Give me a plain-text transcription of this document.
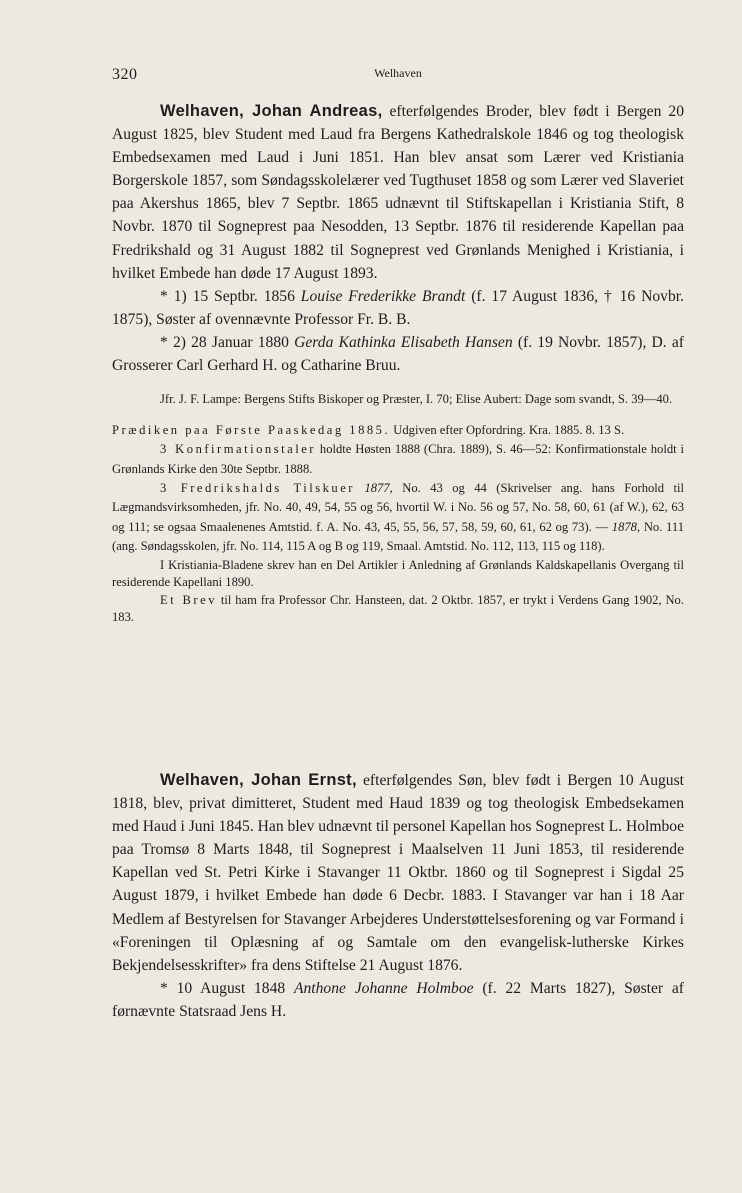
320	Welhaven

Welhaven, Johan Andreas, efterfølgendes Broder, blev født i Bergen 20 August 1825, blev Student med Laud fra Bergens Kathedralskole 1846 og tog theologisk Embedsexamen med Laud i Juni 1851. Han blev ansat som Lærer ved Kristiania Borgerskole 1857, som Søndagsskolelærer ved Tugthuset 1858 og som Lærer ved Slaveriet paa Akershus 1865, blev 7 Septbr. 1865 udnævnt til Stiftskapellan i Kristiania Stift, 8 Novbr. 1870 til Sogneprest paa Nesodden, 13 Septbr. 1876 til residerende Kapellan paa Fredrikshald og 31 August 1882 til Sogneprest ved Grønlands Menighed i Kristiania, i hvilket Embede han døde 17 August 1893.

* 1) 15 Septbr. 1856 Louise Frederikke Brandt (f. 17 August 1836, † 16 Novbr. 1875), Søster af ovennævnte Professor Fr. B. B.

* 2) 28 Januar 1880 Gerda Kathinka Elisabeth Hansen (f. 19 Novbr. 1857), D. af Grosserer Carl Gerhard H. og Catharine Bruu.

Jfr. J. F. Lampe: Bergens Stifts Biskoper og Præster, I. 70; Elise Aubert: Dage som svandt, S. 39—40.

Prædiken paa Første Paaskedag 1885. Udgiven efter Opfordring. Kra. 1885. 8. 13 S.

3 Konfirmationstaler holdte Høsten 1888 (Chra. 1889), S. 46—52: Konfirmationstale holdt i Grønlands Kirke den 30te Septbr. 1888.

3 Fredrikshalds Tilskuer 1877, No. 43 og 44 (Skrivelser ang. hans Forhold til Lægmandsvirksomheden, jfr. No. 40, 49, 54, 55 og 56, hvortil W. i No. 56 og 57, No. 58, 60, 61 (af W.), 62, 63 og 111; se ogsaa Smaalenenes Amtstid. f. A. No. 43, 45, 55, 56, 57, 58, 59, 60, 61, 62 og 73). — 1878, No. 111 (ang. Søndagsskolen, jfr. No. 114, 115 A og B og 119, Smaal. Amtstid. No. 112, 113, 115 og 118).

I Kristiania-Bladene skrev han en Del Artikler i Anledning af Grønlands Kaldskapellanis Overgang til residerende Kapellani 1890.

Et Brev til ham fra Professor Chr. Hansteen, dat. 2 Oktbr. 1857, er trykt i Verdens Gang 1902, No. 183.

Welhaven, Johan Ernst, efterfølgendes Søn, blev født i Bergen 10 August 1818, blev, privat dimitteret, Student med Haud 1839 og tog theologisk Embedsekamen med Haud i Juni 1845. Han blev udnævnt til personel Kapellan hos Sogneprest L. Holmboe paa Tromsø 8 Marts 1848, til Sogneprest i Maalselven 11 Juni 1853, til residerende Kapellan ved St. Petri Kirke i Stavanger 11 Oktbr. 1860 og til Sogneprest i Sigdal 25 August 1879, i hvilket Embede han døde 6 Decbr. 1883. I Stavanger var han i 18 Aar Medlem af Bestyrelsen for Stavanger Arbejderes Understøttelsesforening og var Formand i «Foreningen til Oplæsning af og Samtale om den evangelisk-lutherske Kirkes Bekjendelsesskrifter» fra dens Stiftelse 21 August 1876.

* 10 August 1848 Anthone Johanne Holmboe (f. 22 Marts 1827), Søster af førnævnte Statsraad Jens H.
